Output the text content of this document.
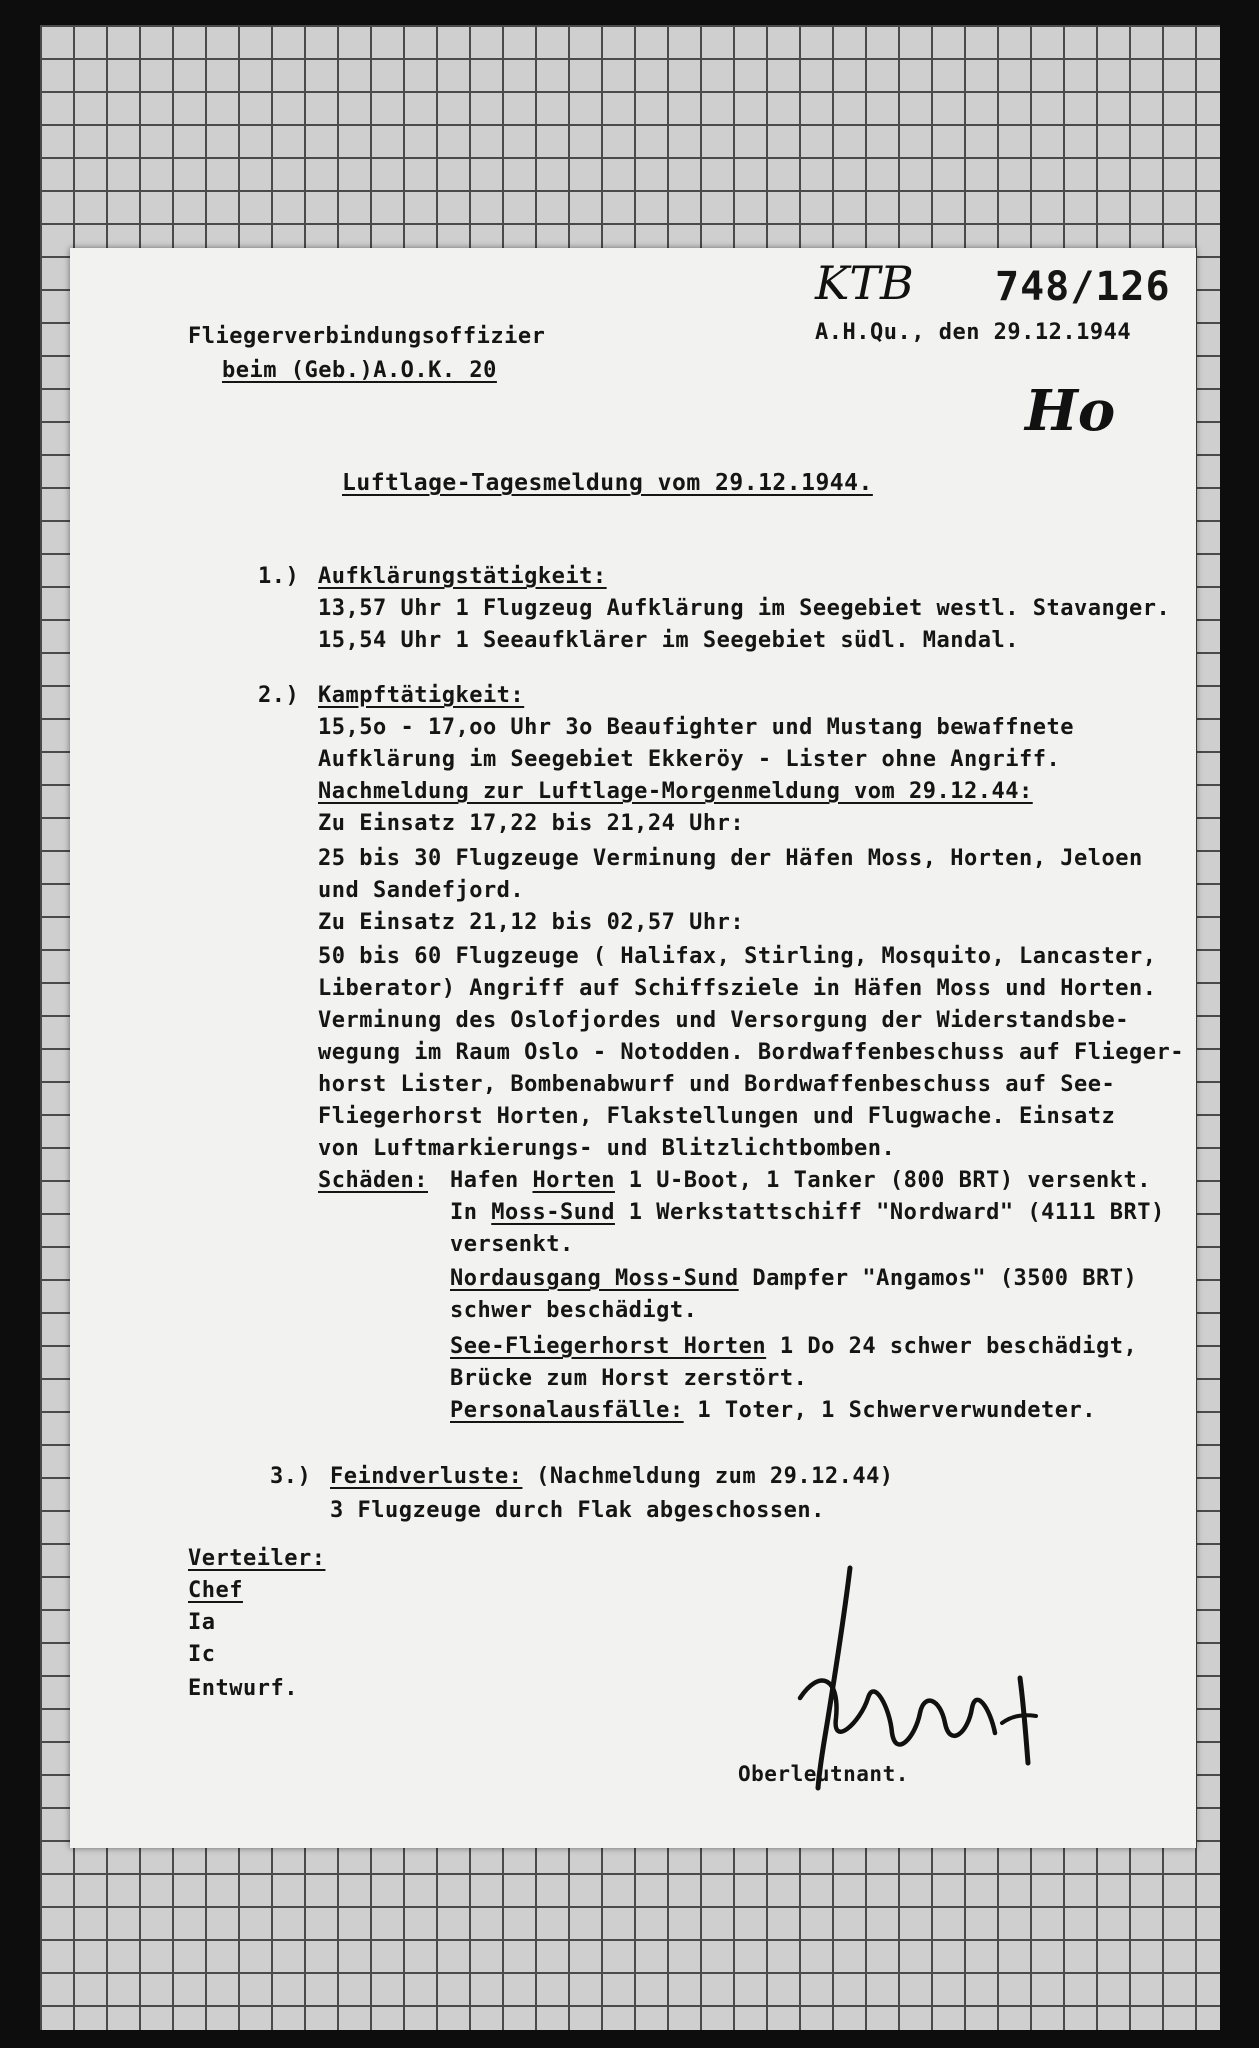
KTB 748/126
Fliegerverbindungsoffizier
beim (Geb.)A.O.K. 20
A.H.Qu., den 29.12.1944
Ho
Luftlage-Tagesmeldung vom 29.12.1944.
1.) Aufklärungstätigkeit:
13,57 Uhr 1 Flugzeug Aufklärung im Seegebiet westl. Stavanger.
15,54 Uhr 1 Seeaufklärer im Seegebiet südl. Mandal.
2.) Kampftätigkeit:
15,5o - 17,oo Uhr 3o Beaufighter und Mustang bewaffnete
Aufklärung im Seegebiet Ekkeröy - Lister ohne Angriff.
Nachmeldung zur Luftlage-Morgenmeldung vom 29.12.44:
Zu Einsatz 17,22 bis 21,24 Uhr:
25 bis 30 Flugzeuge Verminung der Häfen Moss, Horten, Jeloen
und Sandefjord.
Zu Einsatz 21,12 bis 02,57 Uhr:
50 bis 60 Flugzeuge ( Halifax, Stirling, Mosquito, Lancaster,
Liberator) Angriff auf Schiffsziele in Häfen Moss und Horten.
Verminung des Oslofjordes und Versorgung der Widerstandsbe-
wegung im Raum Oslo - Notodden. Bordwaffenbeschuss auf Flieger-
horst Lister, Bombenabwurf und Bordwaffenbeschuss auf See-
Fliegerhorst Horten, Flakstellungen und Flugwache. Einsatz
von Luftmarkierungs- und Blitzlichtbomben.
Schäden: Hafen Horten 1 U-Boot, 1 Tanker (800 BRT) versenkt.
In Moss-Sund 1 Werkstattschiff "Nordward" (4111 BRT)
versenkt.
Nordausgang Moss-Sund Dampfer "Angamos" (3500 BRT)
schwer beschädigt.
See-Fliegerhorst Horten 1 Do 24 schwer beschädigt,
Brücke zum Horst zerstört.
Personalausfälle: 1 Toter, 1 Schwerverwundeter.
3.) Feindverluste: (Nachmeldung zum 29.12.44)
3 Flugzeuge durch Flak abgeschossen.
Verteiler:
Chef
Ia
Ic
Entwurf.
Oberleutnant.
